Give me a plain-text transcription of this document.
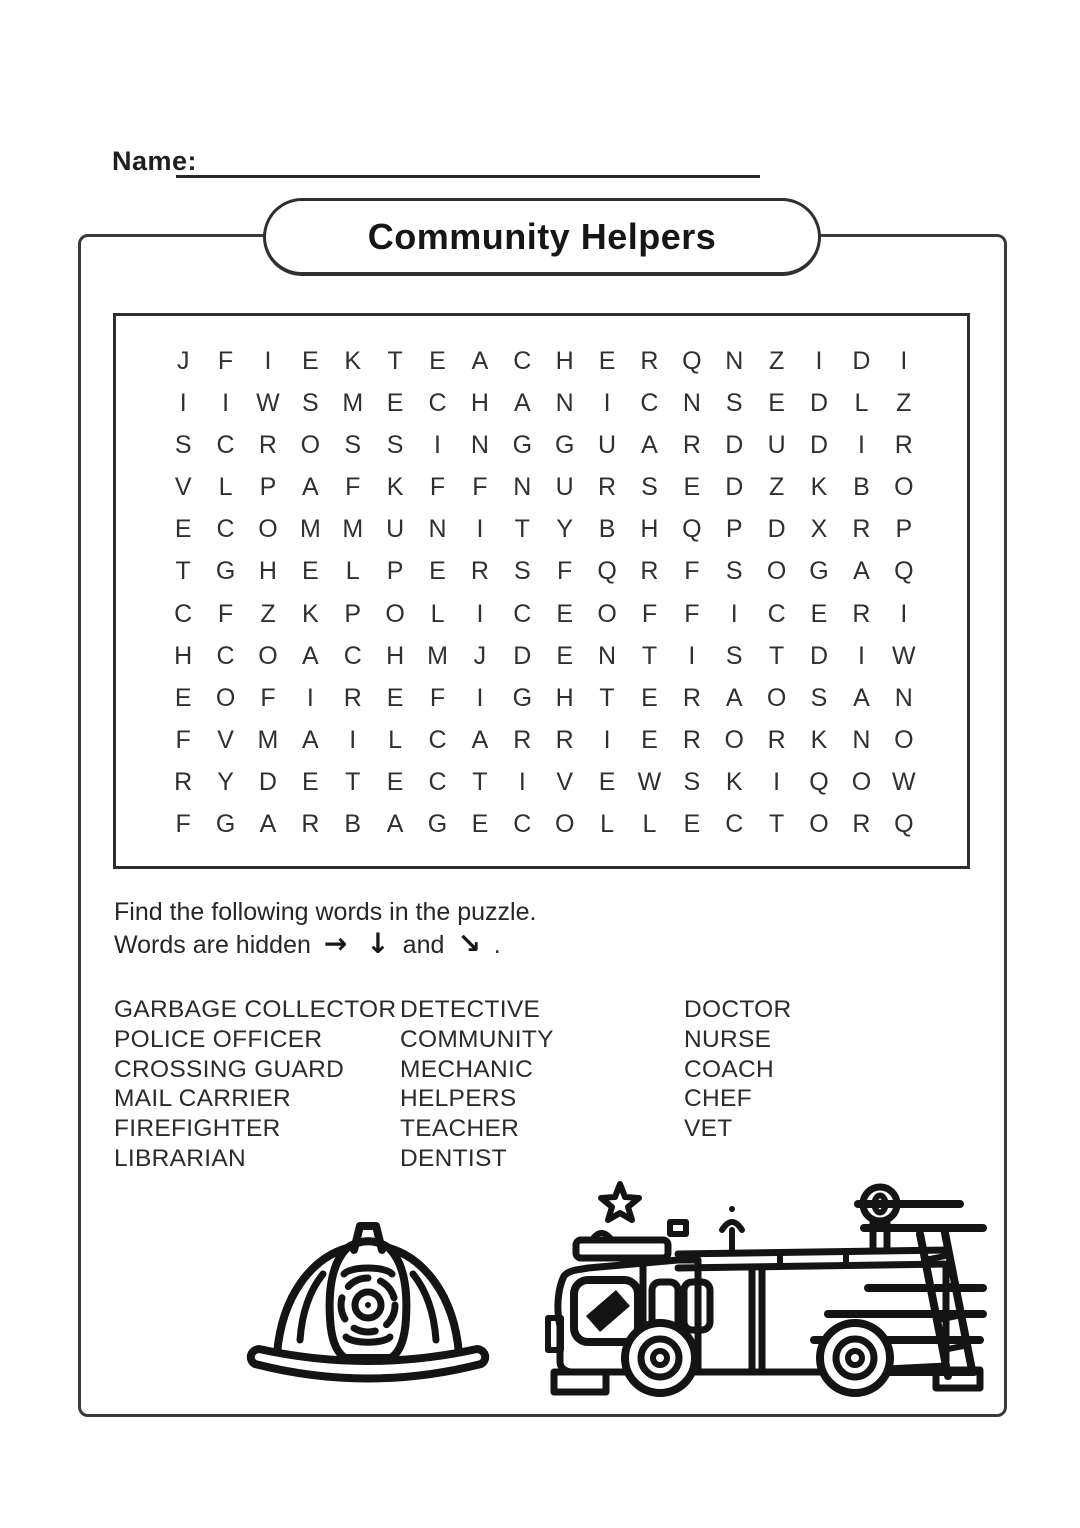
Name:
Community Helpers
J	F	I	E	K	T	E	A	C H	E	R Q N	Z	I	D	I
I	I	W S M E	C H	A	N	I	C N	S	E	D	L	Z
S	C R O S	S	I	N G G U	A	R D U D	I	R
V	L	P	A	F	K	F	F	N U R	S	E	D	Z	K	B O
E	C O M M U N	I	T	Y	B	H Q P	D	X	R	P
T	G H	E	L	P	E	R	S	F	Q R	F	S O G A Q
C	F	Z	K	P O	L	I	C	E O	F	F	I	C	E	R	I
H C O A	C H M	J	D	E	N	T	I	S	T	D	I	W
E O	F	I	R	E	F	I	G H	T	E	R	A O S	A	N
F	V M A	I	L	C	A	R R	I	E	R O R	K	N O
R	Y	D	E	T	E	C	T	I	V	E W S	K	I	Q O W
F	G A	R	B	A G E	C O	L	L	E	C	T	O R Q
Find the following words in the puzzle.
Words are hidden → ↓ and ↘ .
GARBAGE COLLECTOR
POLICE OFFICER
CROSSING GUARD
MAIL CARRIER
FIREFIGHTER
LIBRARIAN
DETECTIVE
COMMUNITY
MECHANIC
HELPERS
TEACHER
DENTIST
DOCTOR
NURSE
COACH
CHEF
VET
